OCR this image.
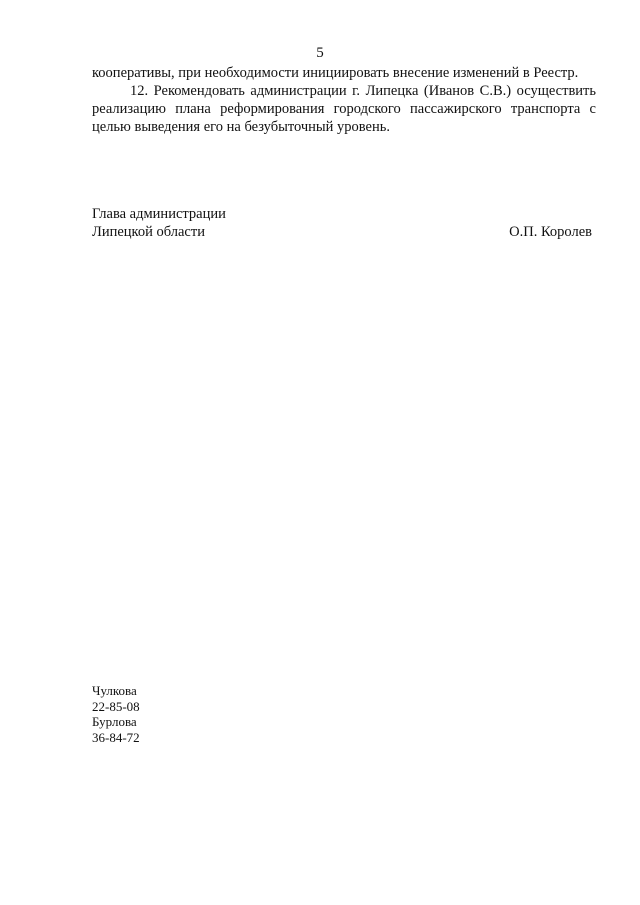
5

кооперативы, при необходимости инициировать внесение изменений в Реестр.

12. Рекомендовать администрации г. Липецка (Иванов С.В.) осуществить реализацию плана реформирования городского пассажирского транспорта с целью выведения его на безубыточный уровень.

Глава администрации
Липецкой области	О.П. Королев
Чулкова
22-85-08
Бурлова
36-84-72
